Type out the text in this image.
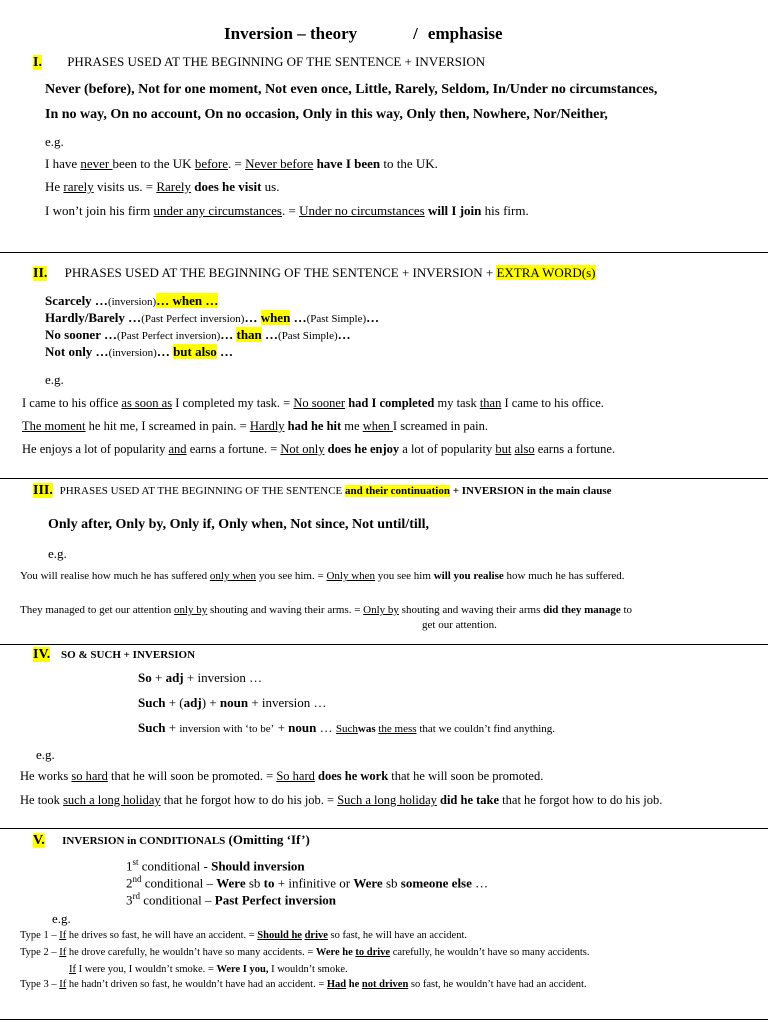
Inversion – theory	/ emphasise
I. PHRASES USED AT THE BEGINNING OF THE SENTENCE + INVERSION
Never (before), Not for one moment, Not even once, Little, Rarely, Seldom, In/Under no circumstances,
In no way, On no account, On no occasion, Only in this way, Only then, Nowhere, Nor/Neither,
e.g.
I have never been to the UK before. = Never before have I been to the UK.
He rarely visits us. = Rarely does he visit us.
I won’t join his firm under any circumstances. = Under no circumstances will I join his firm.
II. PHRASES USED AT THE BEGINNING OF THE SENTENCE + INVERSION + EXTRA WORD(s)
Scarcely …(inversion)… when …
Hardly/Barely …(Past Perfect inversion)… when …(Past Simple)…
No sooner …(Past Perfect inversion)… than …(Past Simple)…
Not only …(inversion)… but also …
e.g.
I came to his office as soon as I completed my task. = No sooner had I completed my task than I came to his office.
The moment he hit me, I screamed in pain. = Hardly had he hit me when I screamed in pain.
He enjoys a lot of popularity and earns a fortune. = Not only does he enjoy a lot of popularity but also earns a fortune.
III. PHRASES USED AT THE BEGINNING OF THE SENTENCE and their continuation + INVERSION in the main clause
Only after, Only by, Only if, Only when, Not since, Not until/till,
e.g.
You will realise how much he has suffered only when you see him. = Only when you see him will you realise how much he has suffered.
They managed to get our attention only by shouting and waving their arms. = Only by shouting and waving their arms did they manage to
get our attention.
IV. SO & SUCH + INVERSION
So + adj + inversion …
Such + (adj) + noun + inversion …
Such + inversion with ‘to be’ + noun … Suchwas the mess that we couldn’t find anything.
e.g.
He works so hard that he will soon be promoted. = So hard does he work that he will soon be promoted.
He took such a long holiday that he forgot how to do his job. = Such a long holiday did he take that he forgot how to do his job.
V. INVERSION in CONDITIONALS (Omitting ‘If’)
1st conditional - Should inversion
2nd conditional – Were sb to + infinitive or Were sb someone else …
3rd conditional – Past Perfect inversion
e.g.
Type 1 – If he drives so fast, he will have an accident. = Should he drive so fast, he will have an accident.
Type 2 – If he drove carefully, he wouldn’t have so many accidents. = Were he to drive carefully, he wouldn’t have so many accidents.
If I were you, I wouldn’t smoke. = Were I you, I wouldn’t smoke.
Type 3 – If he hadn’t driven so fast, he wouldn’t have had an accident. = Had he not driven so fast, he wouldn’t have had an accident.
